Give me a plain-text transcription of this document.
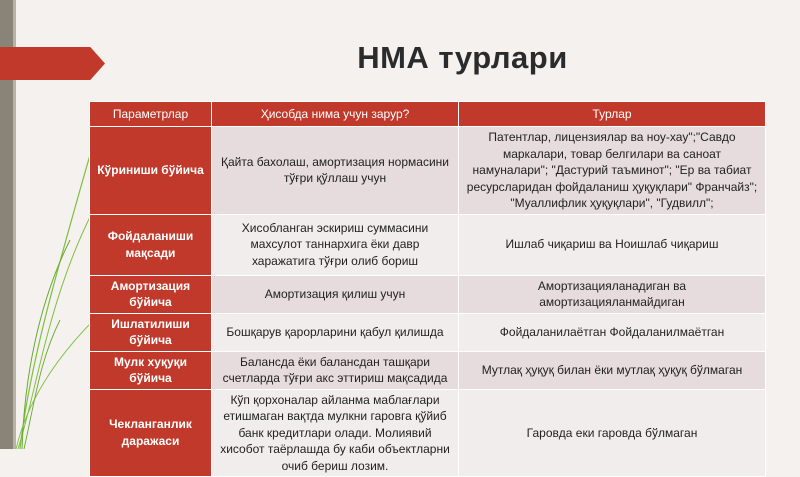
НМА турлари
Параметрлар	Ҳисобда нима учун зарур?	Турлар
Кўриниши бўйича	Қайта бахолаш, амортизация нормасини тўғри қўллаш учун	Патентлар, лицензиялар ва ноу-хау";"Савдо маркалари, товар белгилари ва саноат намуналари"; "Дастурий таъминот"; "Ер ва табиат ресурсларидан фойдаланиш ҳуқуқлари" Франчайз"; "Муаллифлик ҳуқуқлари", "Гудвилл";
Фойдаланиши мақсади	Хисобланган эскириш суммасини махсулот таннархига ёки давр харажатига тўғри олиб бориш	Ишлаб чиқариш ва Ноишлаб чиқариш
Амортизация бўйича	Амортизация қилиш учун	Амортизацияланадиган ва амортизацияланмайдиган
Ишлатилиши бўйича	Бошқарув қарорларини қабул қилишда	Фойдаланилаётган Фойдаланилмаётган
Мулк хуқуқи бўйича	Балансда ёки балансдан ташқари счетларда тўғри акс эттириш мақсадида	Мутлақ ҳуқуқ билан ёки мутлақ ҳуқуқ бўлмаган
Чекланганлик даражаси	Кўп қорхоналар айланма маблағлари етишмаган вақтда мулкни гаровга қўйиб банк кредитлари олади. Молиявий хисобот таёрлашда бу каби объектларни очиб бериш лозим.	Гаровда еки гаровда бўлмаган
